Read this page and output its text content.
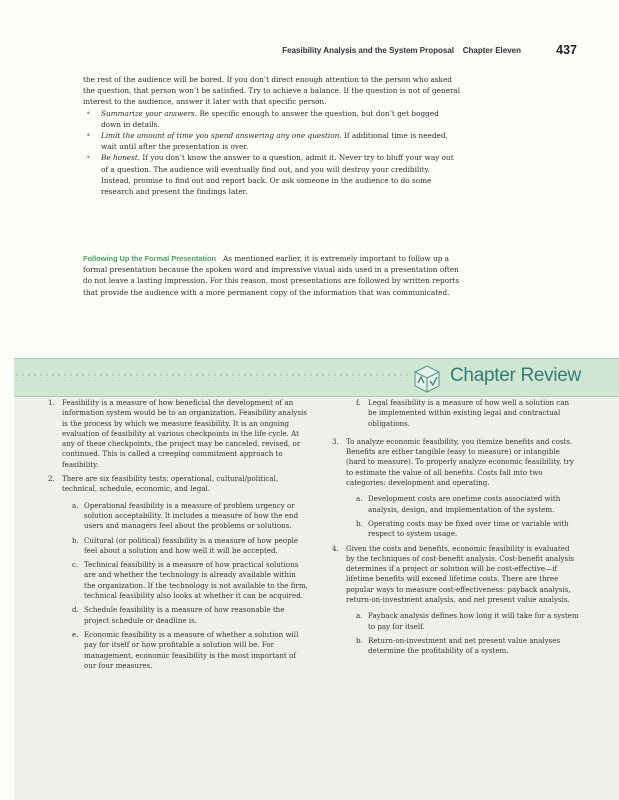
Feasibility Analysis and the System Proposal Chapter Eleven	437

the rest of the audience will be bored. If you don’t direct enough attention to the person who asked the question, that person won’t be satisfied. Try to achieve a balance. If the question is not of general interest to the audience, answer it later with that specific person.

•	Summarize your answers. Be specific enough to answer the question, but don’t get bogged down in details.
•	Limit the amount of time you spend answering any one question. If additional time is needed, wait until after the presentation is over.
•	Be honest. If you don’t know the answer to a question, admit it. Never try to bluff your way out of a question. The audience will eventually find out, and you will destroy your credibility. Instead, promise to find out and report back. Or ask someone in the audience to do some research and present the findings later.
Following Up the Formal Presentation As mentioned earlier, it is extremely important to follow up a formal presentation because the spoken word and impressive visual aids used in a presentation often do not leave a lasting impression. For this reason, most presentations are followed by written reports that provide the audience with a more permanent copy of the information that was communicated.
Chapter Review
1. Feasibility is a measure of how beneficial the development of an information system would be to an organization. Feasibility analysis is the process by which we measure feasibility. It is an ongoing evaluation of feasibility at various checkpoints in the life cycle. At any of these checkpoints, the project may be canceled, revised, or continued. This is called a creeping commitment approach to feasibility.
2. There are six feasibility tests: operational, cultural/political, technical, schedule, economic, and legal.
a. Operational feasibility is a measure of problem urgency or solution acceptability. It includes a measure of how the end users and managers feel about the problems or solutions.
b. Cultural (or political) feasibility is a measure of how people feel about a solution and how well it will be accepted.
c. Technical feasibility is a measure of how practical solutions are and whether the technology is already available within the organization. If the technology is not available to the firm, technical feasibility also looks at whether it can be acquired.
d. Schedule feasibility is a measure of how reasonable the project schedule or deadline is.
e. Economic feasibility is a measure of whether a solution will pay for itself or how profitable a solution will be. For management, economic feasibility is the most important of our four measures.
f. Legal feasibility is a measure of how well a solution can be implemented within existing legal and contractual obligations.
3. To analyze economic feasibility, you itemize benefits and costs. Benefits are either tangible (easy to measure) or intangible (hard to measure). To properly analyze economic feasibility, try to estimate the value of all benefits. Costs fall into two categories: development and operating.
a. Development costs are onetime costs associated with analysis, design, and implementation of the system.
b. Operating costs may be fixed over time or variable with respect to system usage.
4. Given the costs and benefits, economic feasibility is evaluated by the techniques of cost-benefit analysis. Cost-benefit analysis determines if a project or solution will be cost-effective—if lifetime benefits will exceed lifetime costs. There are three popular ways to measure cost-effectiveness: payback analysis, return-on-investment analysis, and net present value analysis.
a. Payback analysis defines how long it will take for a system to pay for itself.
b. Return-on-investment and net present value analyses determine the profitability of a system.
